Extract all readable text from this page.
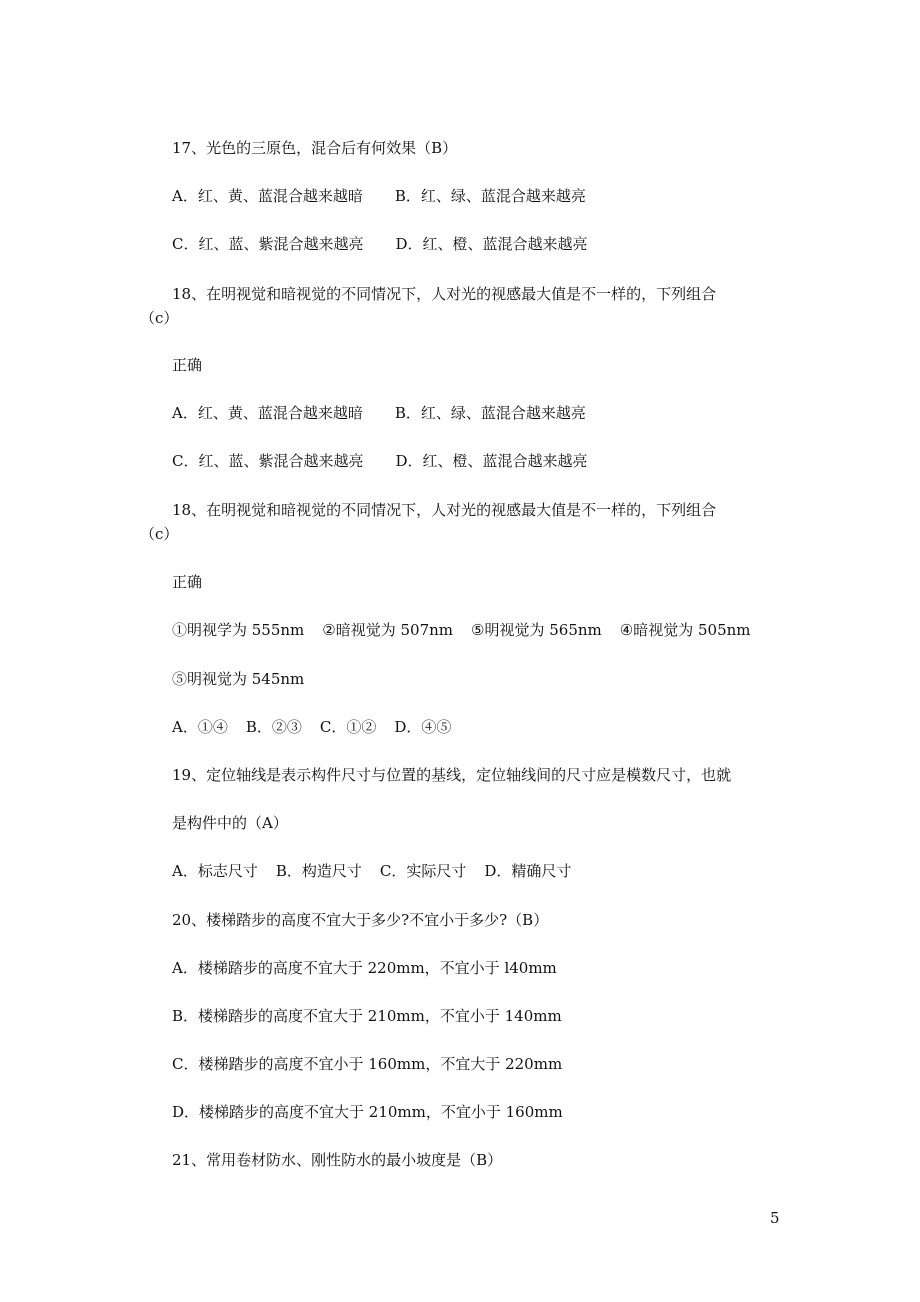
17、光色的三原色，混合后有何效果（B）
A．红、黄、蓝混合越来越暗 B．红、绿、蓝混合越来越亮
C．红、蓝、紫混合越来越亮 D．红、橙、蓝混合越来越亮
18、在明视觉和暗视觉的不同情况下，人对光的视感最大值是不一样的，下列组合
（c）
正确
A．红、黄、蓝混合越来越暗 B．红、绿、蓝混合越来越亮
C．红、蓝、紫混合越来越亮 D．红、橙、蓝混合越来越亮
18、在明视觉和暗视觉的不同情况下，人对光的视感最大值是不一样的，下列组合
（c）
正确
①明视学为 555nm ②暗视觉为 507nm ⑤明视觉为 565nm ④暗视觉为 505nm
⑤明视觉为 545nm
A．①④ B．②③ C．①② D．④⑤
19、定位轴线是表示构件尺寸与位置的基线，定位轴线间的尺寸应是模数尺寸，也就
是构件中的（A）
A．标志尺寸 B．构造尺寸 C．实际尺寸 D．精确尺寸
20、楼梯踏步的高度不宜大于多少?不宜小于多少?（B）
A．楼梯踏步的高度不宜大于 220mm，不宜小于 l40mm
B．楼梯踏步的高度不宜大于 210mm，不宜小于 140mm
C．楼梯踏步的高度不宜小于 160mm，不宜大于 220mm
D．楼梯踏步的高度不宜大于 210mm，不宜小于 160mm
21、常用卷材防水、刚性防水的最小坡度是（B）
5
